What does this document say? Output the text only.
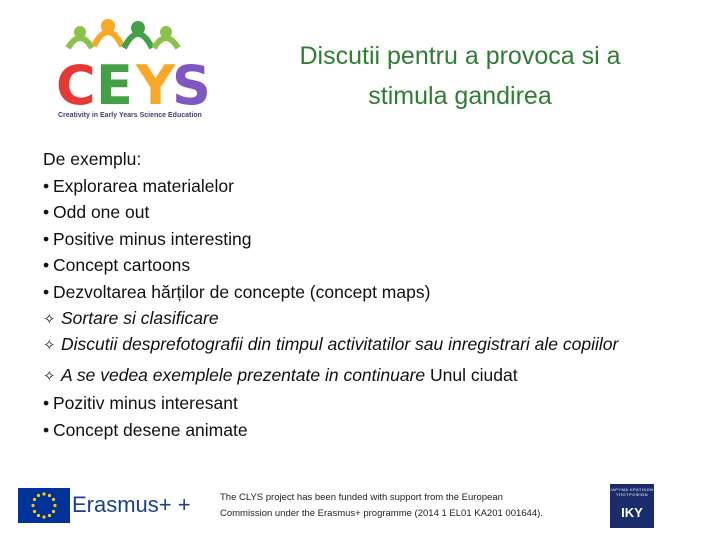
C E Y
S
Creativity in Early Years Science Education
Discutii pentru a provoca si a
stimula gandirea
De exemplu:
• Explorarea materialelor
• Odd one out
• Positive minus interesting
• Concept cartoons
• Dezvoltarea hărților de concepte (concept maps)
✧ Sortare si clasificare
✧ Discutii desprefotografii din timpul activitatilor sau inregistrari ale copiilor
✧ A se vedea exemplele prezentate in continuare Unul ciudat
• Pozitiv minus interesant
• Concept desene animate
Erasmus+ +	The CLYS project has been funded with support from the European
Commission under the Erasmus+ programme (2014 1 EL01 KA201 001644).
ΙΔΡΥΜΑ ΚΡΑΤΙΚΩΝ ΥΠΟΤΡΟΦΙΩΝ
IKY
